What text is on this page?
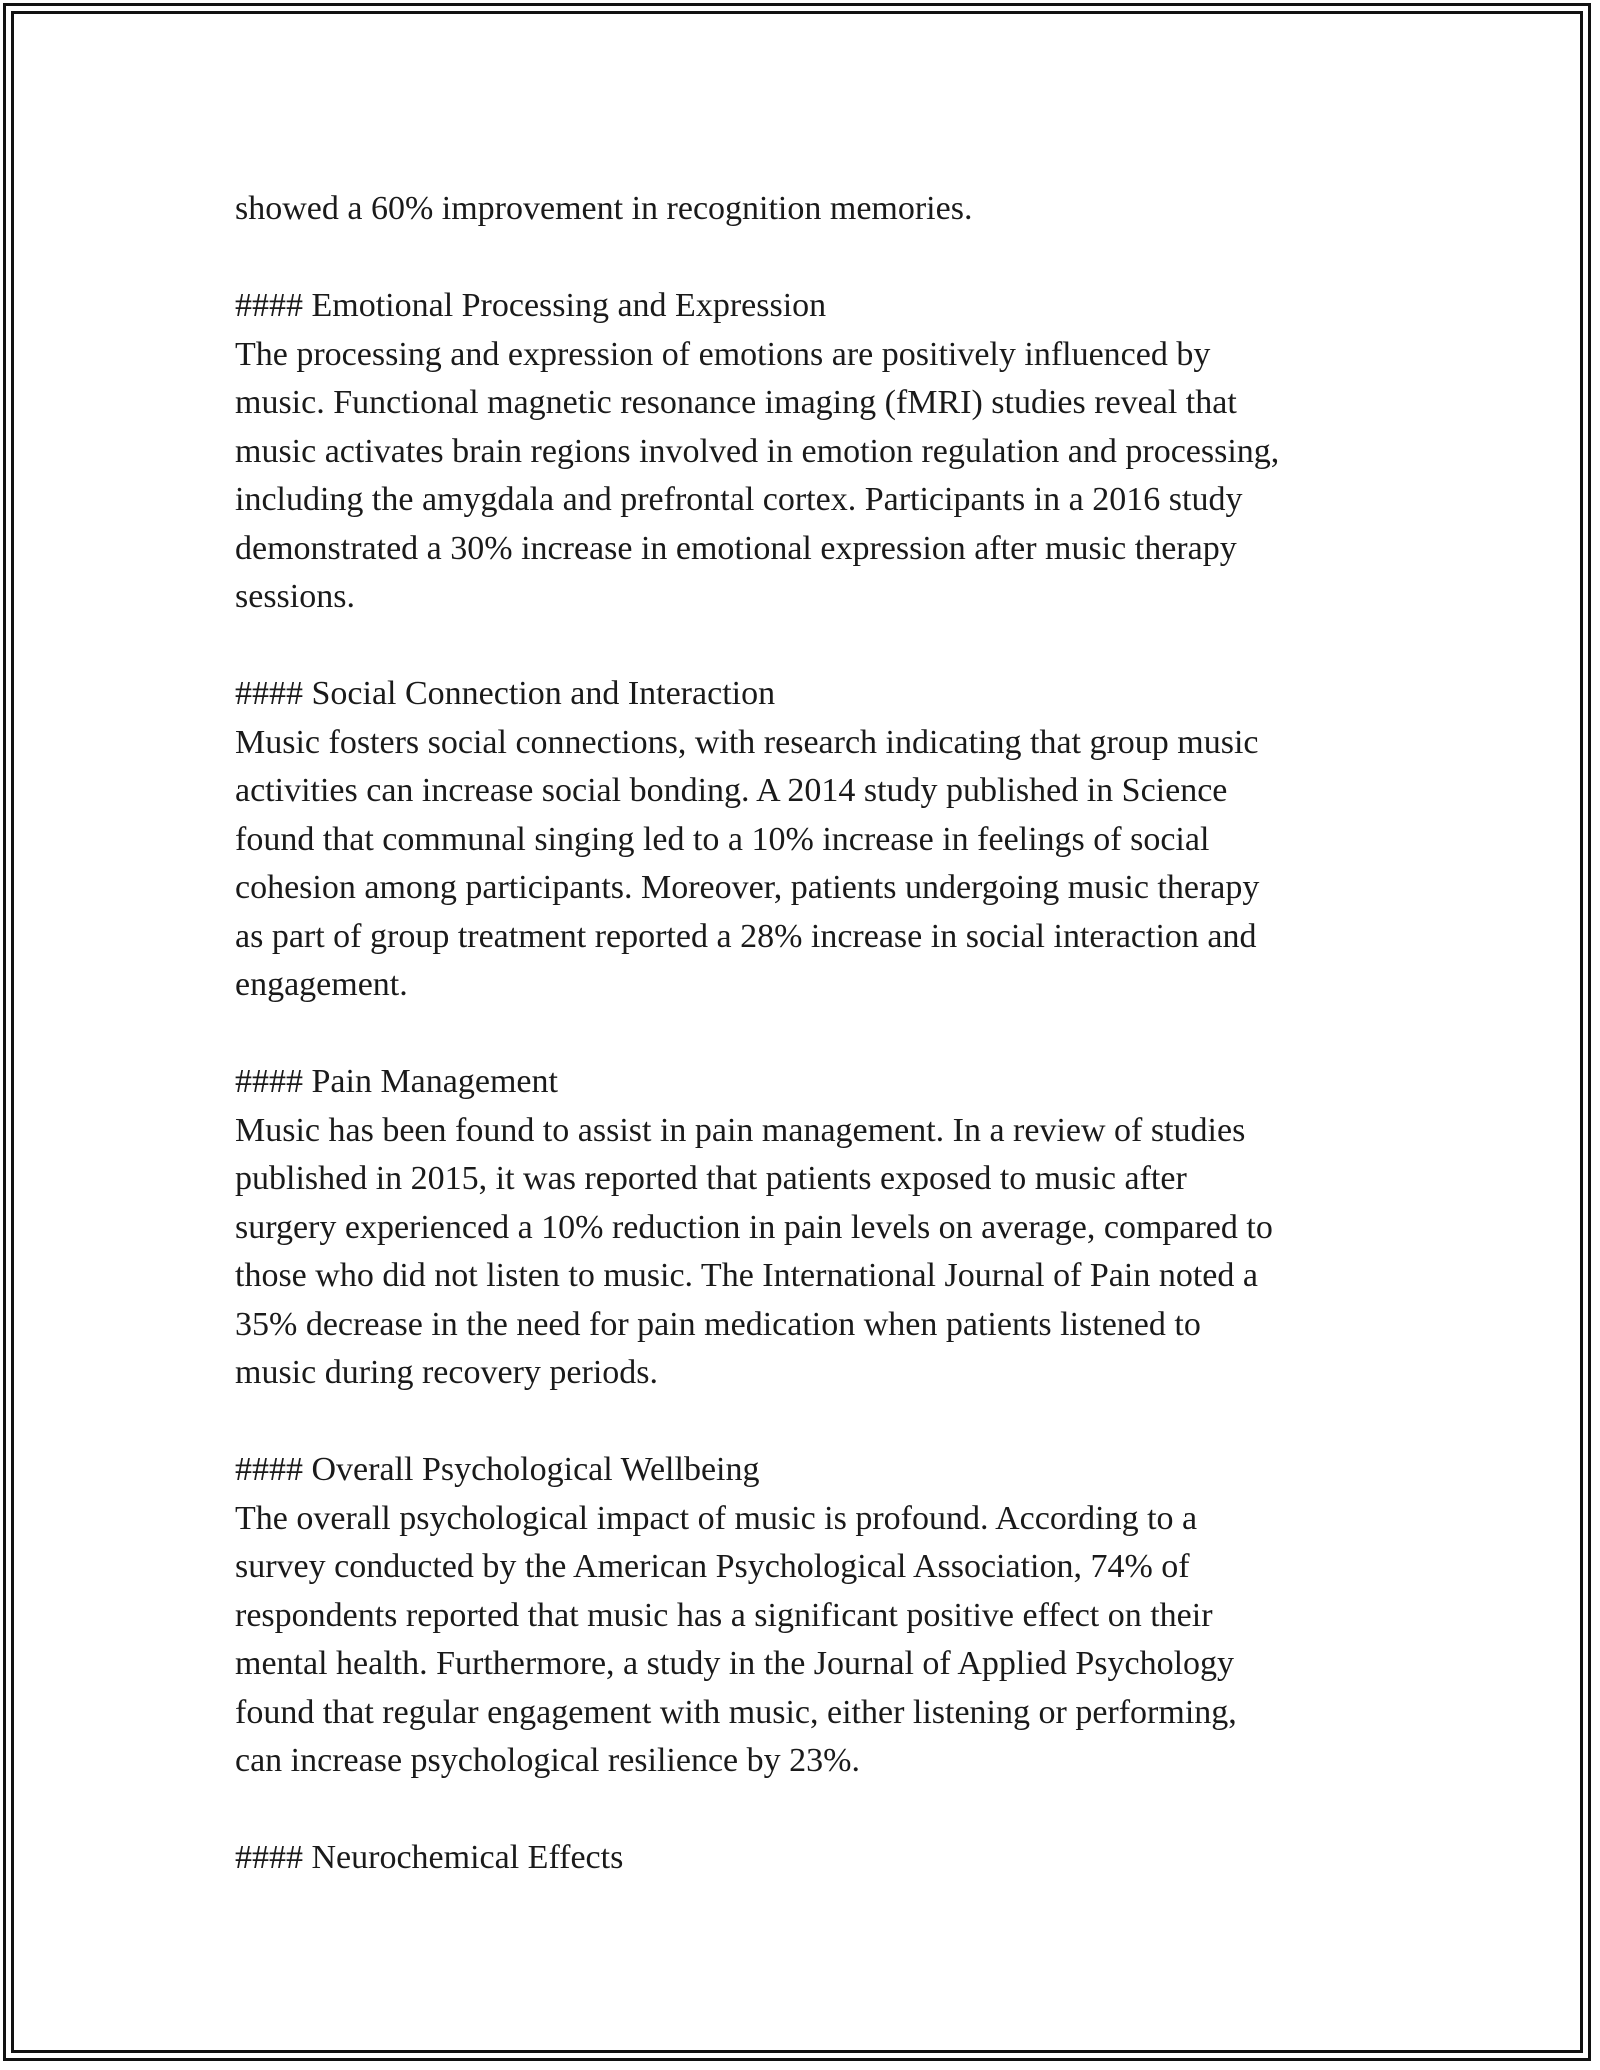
showed a 60% improvement in recognition memories.

#### Emotional Processing and Expression

The processing and expression of emotions are positively influenced by

music. Functional magnetic resonance imaging (fMRI) studies reveal that

music activates brain regions involved in emotion regulation and processing,

including the amygdala and prefrontal cortex. Participants in a 2016 study

demonstrated a 30% increase in emotional expression after music therapy

sessions.

#### Social Connection and Interaction

Music fosters social connections, with research indicating that group music

activities can increase social bonding. A 2014 study published in Science

found that communal singing led to a 10% increase in feelings of social

cohesion among participants. Moreover, patients undergoing music therapy

as part of group treatment reported a 28% increase in social interaction and

engagement.

#### Pain Management

Music has been found to assist in pain management. In a review of studies

published in 2015, it was reported that patients exposed to music after

surgery experienced a 10% reduction in pain levels on average, compared to

those who did not listen to music. The International Journal of Pain noted a

35% decrease in the need for pain medication when patients listened to

music during recovery periods.

#### Overall Psychological Wellbeing

The overall psychological impact of music is profound. According to a

survey conducted by the American Psychological Association, 74% of

respondents reported that music has a significant positive effect on their

mental health. Furthermore, a study in the Journal of Applied Psychology

found that regular engagement with music, either listening or performing,

can increase psychological resilience by 23%.

#### Neurochemical Effects
